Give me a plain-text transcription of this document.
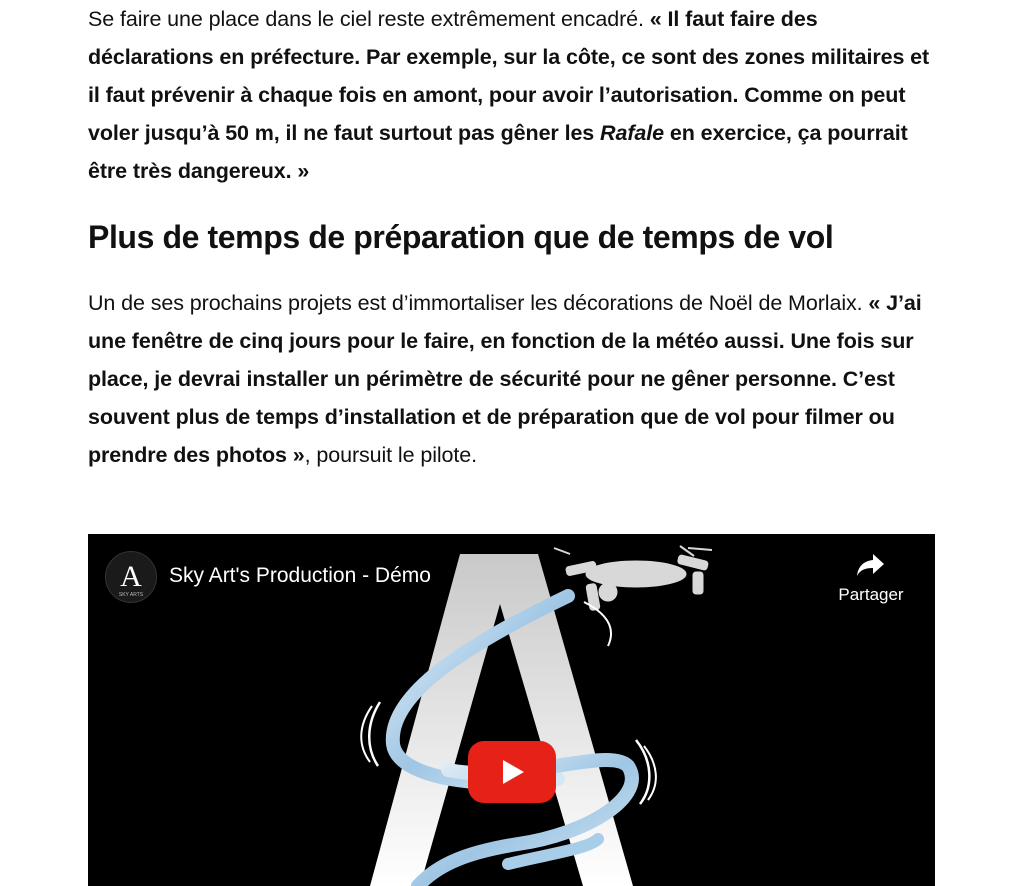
Se faire une place dans le ciel reste extrêmement encadré. « Il faut faire des déclarations en préfecture. Par exemple, sur la côte, ce sont des zones militaires et il faut prévenir à chaque fois en amont, pour avoir l’autorisation. Comme on peut voler jusqu’à 50 m, il ne faut surtout pas gêner les Rafale en exercice, ça pourrait être très dangereux. »

Plus de temps de préparation que de temps de vol

Un de ses prochains projets est d’immortaliser les décorations de Noël de Morlaix. « J’ai une fenêtre de cinq jours pour le faire, en fonction de la météo aussi. Une fois sur place, je devrai installer un périmètre de sécurité pour ne gêner personne. C’est souvent plus de temps d’installation et de préparation que de vol pour filmer ou prendre des photos », poursuit le pilote.

A
SKY ARTS
Sky Art's Production - Démo
Partager
